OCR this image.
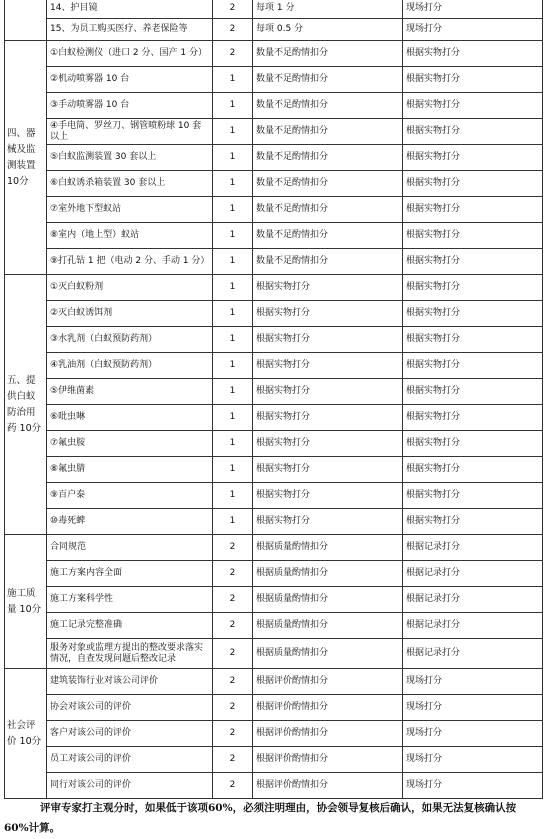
	14、护目镜	2	每项 1 分	现场打分
	15、为员工购买医疗、养老保险等	2	每项 0.5 分	现场打分
四、器械及监测装置 10分	①白蚁检测仪（进口 2 分、国产 1 分）	2	数量不足酌情扣分	根据实物打分
	②机动喷雾器 10 台	1	数量不足酌情扣分	根据实物打分
	③手动喷雾器 10 台	1	数量不足酌情扣分	根据实物打分
	④手电筒、罗丝刀、钢管喷粉球 10 套以上	1	数量不足酌情扣分	根据实物打分
	⑤白蚁监测装置 30 套以上	1	数量不足酌情扣分	根据实物打分
	⑥白蚁诱杀箱装置 30 套以上	1	数量不足酌情扣分	根据实物打分
	⑦室外地下型蚁站	1	数量不足酌情扣分	根据实物打分
	⑧室内（地上型）蚁站	1	数量不足酌情扣分	根据实物打分
	⑨打孔钻 1 把（电动 2 分、手动 1 分）	1	数量不足酌情扣分	根据实物打分
五、提供白蚁防治用药 10分	①灭白蚁粉剂	1	根据实物打分	根据实物打分
	②灭白蚁诱饵剂	1	根据实物打分	根据实物打分
	③水乳剂（白蚁预防药剂）	1	根据实物打分	根据实物打分
	④乳油剂（白蚁预防药剂）	1	根据实物打分	根据实物打分
	⑤伊维菌素	1	根据实物打分	根据实物打分
	⑥吡虫啉	1	根据实物打分	根据实物打分
	⑦氟虫胺	1	根据实物打分	根据实物打分
	⑧氟虫腈	1	根据实物打分	根据实物打分
	⑨百户泰	1	根据实物打分	根据实物打分
	⑩毒死蜱	1	根据实物打分	根据实物打分
施工质量 10分	合同规范	2	根据质量酌情扣分	根据记录打分
	施工方案内容全面	2	根据质量酌情扣分	根据记录打分
	施工方案科学性	2	根据质量酌情扣分	根据记录打分
	施工记录完整准确	2	根据质量酌情扣分	根据记录打分
	服务对象或监理方提出的整改要求落实情况，自查发现问题后整改记录	2	根据质量酌情扣分	根据记录打分
社会评价 10分	建筑装饰行业对该公司评价	2	根据评价酌情扣分	现场打分
	协会对该公司的评价	2	根据评价酌情扣分	现场打分
	客户对该公司的评价	2	根据评价酌情扣分	现场打分
	员工对该公司的评价	2	根据评价酌情扣分	现场打分
	同行对该公司的评价	2	根据评价酌情扣分	现场打分
评审专家打主观分时，如果低于该项60%，必须注明理由，协会领导复核后确认，如果无法复核确认按60%计算。
